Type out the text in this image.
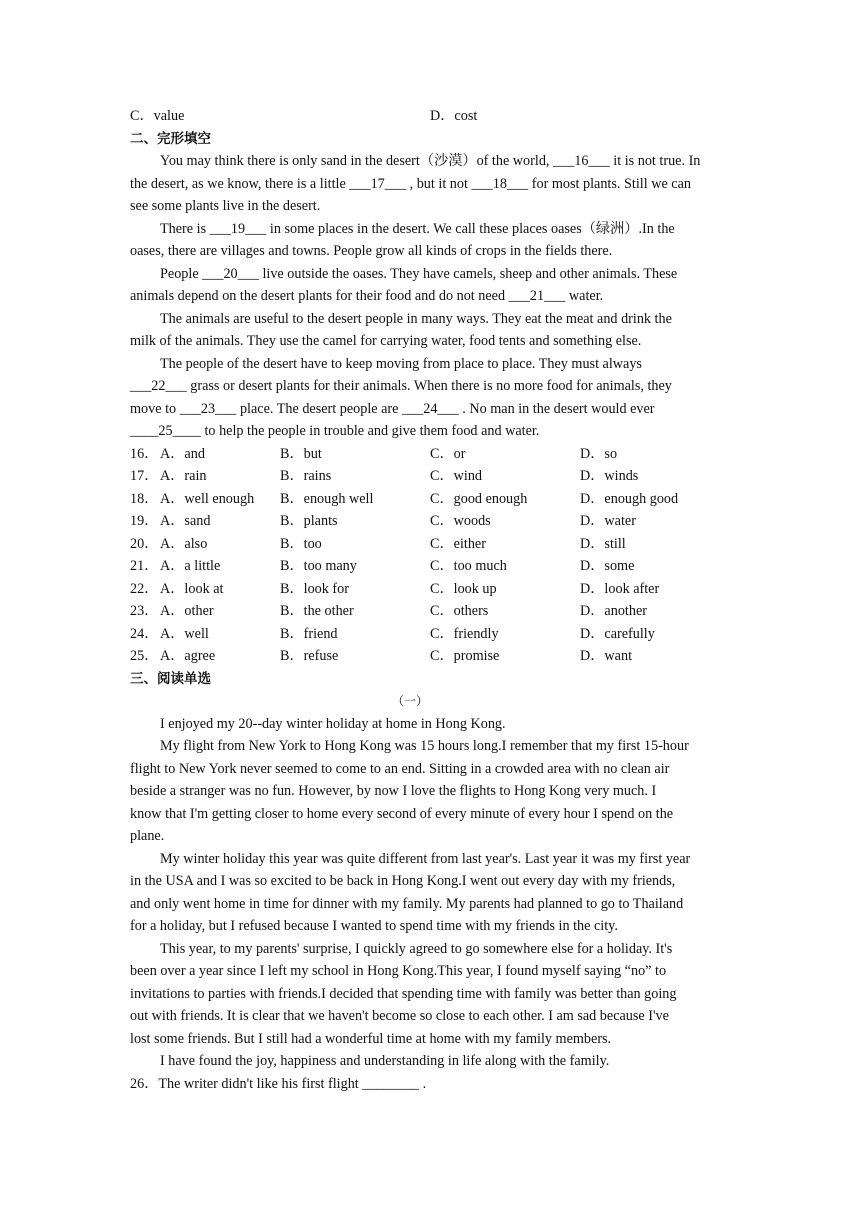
C．value	D．cost
二、完形填空
You may think there is only sand in the desert（沙漠）of the world, ___16___ it is not true. In
the desert, as we know, there is a little ___17___ , but it not ___18___ for most plants. Still we can
see some plants live in the desert.
There is ___19___ in some places in the desert. We call these places oases（绿洲）.In the
oases, there are villages and towns. People grow all kinds of crops in the fields there.
People ___20___ live outside the oases. They have camels, sheep and other animals. These
animals depend on the desert plants for their food and do not need ___21___ water.
The animals are useful to the desert people in many ways. They eat the meat and drink the
milk of the animals. They use the camel for carrying water, food tents and something else.
The people of the desert have to keep moving from place to place. They must always
___22___ grass or desert plants for their animals. When there is no more food for animals, they
move to ___23___ place. The desert people are ___24___ . No man in the desert would ever
____25____ to help the people in trouble and give them food and water.
16． A．and	B．but	C．or	D．so
17． A．rain	B．rains	C．wind	D．winds
18． A．well enough B．enough well	C．good enough	D．enough good
19． A．sand	B．plants	C．woods	D．water
20． A．also	B．too	C．either	D．still
21． A．a little	B．too many	C．too much	D．some
22． A．look at	B．look for	C．look up	D．look after
23． A．other	B．the other	C．others	D．another
24． A．well	B．friend	C．friendly	D．carefully
25． A．agree	B．refuse	C．promise	D．want
三、阅读单选
（一）
I enjoyed my 20--day winter holiday at home in Hong Kong.
My flight from New York to Hong Kong was 15 hours long.I remember that my first 15-hour
flight to New York never seemed to come to an end. Sitting in a crowded area with no clean air
beside a stranger was no fun. However, by now I love the flights to Hong Kong very much. I
know that I'm getting closer to home every second of every minute of every hour I spend on the
plane.
My winter holiday this year was quite different from last year's. Last year it was my first year
in the USA and I was so excited to be back in Hong Kong.I went out every day with my friends,
and only went home in time for dinner with my family. My parents had planned to go to Thailand
for a holiday, but I refused because I wanted to spend time with my friends in the city.
This year, to my parents' surprise, I quickly agreed to go somewhere else for a holiday. It's
been over a year since I left my school in Hong Kong.This year, I found myself saying “no” to
invitations to parties with friends.I decided that spending time with family was better than going
out with friends. It is clear that we haven't become so close to each other. I am sad because I've
lost some friends. But I still had a wonderful time at home with my family members.
I have found the joy, happiness and understanding in life along with the family.
26．The writer didn't like his first flight ________ .
